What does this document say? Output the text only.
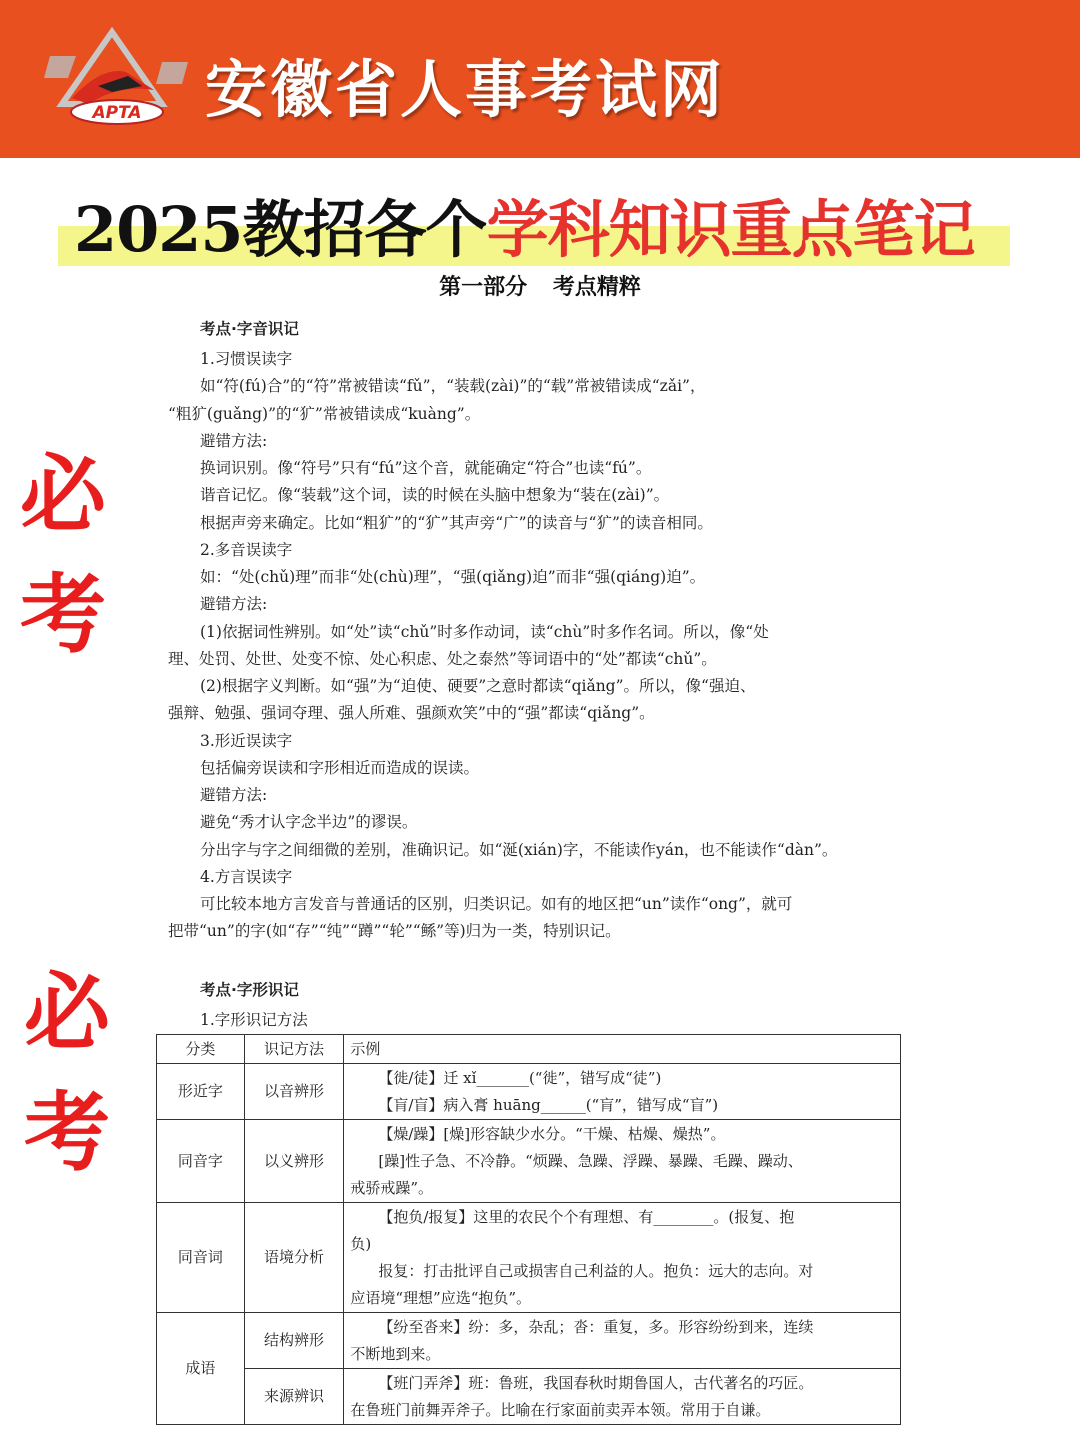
APTA 安徽省人事考试网
2025教招各个学科知识重点笔记
第一部分 考点精粹
必
考
必
考
考点·字音识记
1.习惯误读字
如“符(fú)合”的“符”常被错读“fǔ”，“装载(zài)”的“载”常被错读成“zǎi”，
“粗犷(guǎng)”的“犷”常被错读成“kuàng”。
避错方法:
换词识别。像“符号”只有“fú”这个音，就能确定“符合”也读“fú”。
谐音记忆。像“装载”这个词，读的时候在头脑中想象为“装在(zài)”。
根据声旁来确定。比如“粗犷”的“犷”其声旁“广”的读音与“犷”的读音相同。
2.多音误读字
如：“处(chǔ)理”而非“处(chù)理”，“强(qiǎng)迫”而非“强(qiáng)迫”。
避错方法:
(1)依据词性辨别。如“处”读“chǔ”时多作动词，读“chù”时多作名词。所以，像“处
理、处罚、处世、处变不惊、处心积虑、处之泰然”等词语中的“处”都读“chǔ”。
(2)根据字义判断。如“强”为“迫使、硬要”之意时都读“qiǎng”。所以，像“强迫、
强辩、勉强、强词夺理、强人所难、强颜欢笑”中的“强”都读“qiǎng”。
3.形近误读字
包括偏旁误读和字形相近而造成的误读。
避错方法:
避免“秀才认字念半边”的谬误。
分出字与字之间细微的差别，准确识记。如“涎(xián)字，不能读作yán，也不能读作“dàn”。
4.方言误读字
可比较本地方言发音与普通话的区别，归类识记。如有的地区把“un”读作“ong”，就可
把带“un”的字(如“存”“纯”“蹲”“轮”“鲧”等)归为一类，特别识记。
考点·字形识记
1.字形识记方法
分类	识记方法	示例
形近字	以音辨形	【徙/徒】迁 xǐ_______(“徙”，错写成“徒”)
【肓/盲】病入膏 huāng______(“肓”，错写成“盲”)

同音字	以义辨形	【燥/躁】[燥]形容缺少水分。“干燥、枯燥、燥热”。
[躁]性子急、不冷静。“烦躁、急躁、浮躁、暴躁、毛躁、躁动、
戒骄戒躁”。

同音词	语境分析	【抱负/报复】这里的农民个个有理想、有________。(报复、抱
负)
报复：打击批评自己或损害自己利益的人。抱负：远大的志向。对
应语境“理想”应选“抱负”。

成语	结构辨形	【纷至沓来】纷：多，杂乱；沓：重复，多。形容纷纷到来，连续
不断地到来。

	来源辨识	【班门弄斧】班：鲁班，我国春秋时期鲁国人，古代著名的巧匠。
在鲁班门前舞弄斧子。比喻在行家面前卖弄本领。常用于自谦。
